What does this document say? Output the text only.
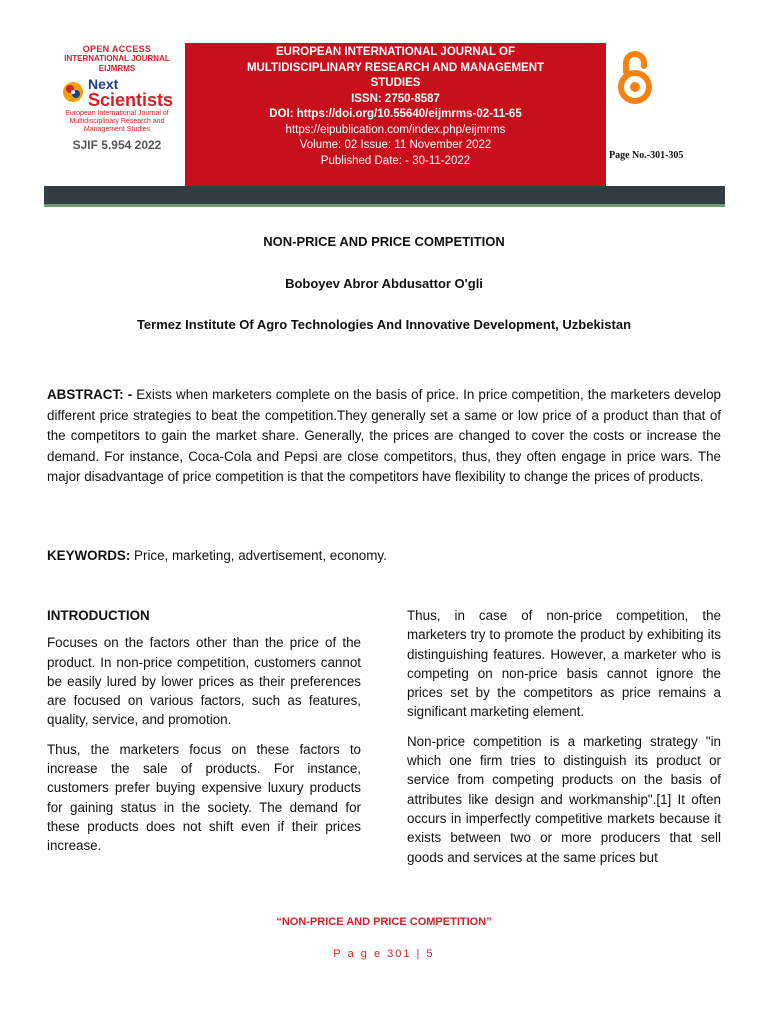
OPEN ACCESS
INTERNATIONAL JOURNAL
EIJMRMS
Next
Scientists
European International Journal of Multidisciplinary Research and Management Studies
SJIF 5.954 2022
EUROPEAN INTERNATIONAL JOURNAL OF
MULTIDISCIPLINARY RESEARCH AND MANAGEMENT
STUDIES
ISSN: 2750-8587
DOI: https://doi.org/10.55640/eijmrms-02-11-65
https://eipublication.com/index.php/eijmrms
Volume: 02 Issue: 11 November 2022
Published Date: - 30-11-2022	Page No.-301-305
NON-PRICE AND PRICE COMPETITION
Boboyev Abror Abdusattor O'gli
Termez Institute Of Agro Technologies And Innovative Development, Uzbekistan
ABSTRACT: - Exists when marketers complete on the basis of price. In price competition, the marketers develop different price strategies to beat the competition.They generally set a same or low price of a product than that of the competitors to gain the market share. Generally, the prices are changed to cover the costs or increase the demand. For instance, Coca-Cola and Pepsi are close competitors, thus, they often engage in price wars. The major disadvantage of price competition is that the competitors have flexibility to change the prices of products.
KEYWORDS: Price, marketing, advertisement, economy.
INTRODUCTION

Focuses on the factors other than the price of the product. In non-price competition, customers cannot be easily lured by lower prices as their preferences are focused on various factors, such as features, quality, service, and promotion.

Thus, the marketers focus on these factors to increase the sale of products. For instance, customers prefer buying expensive luxury products for gaining status in the society. The demand for these products does not shift even if their prices increase.

Thus, in case of non-price competition, the marketers try to promote the product by exhibiting its distinguishing features. However, a marketer who is competing on non-price basis cannot ignore the prices set by the competitors as price remains a significant marketing element.

Non-price competition is a marketing strategy "in which one firm tries to distinguish its product or service from competing products on the basis of attributes like design and workmanship".[1] It often occurs in imperfectly competitive markets because it exists between two or more producers that sell goods and services at the same prices but

“NON-PRICE AND PRICE COMPETITION”
P a g e 301 | 5
